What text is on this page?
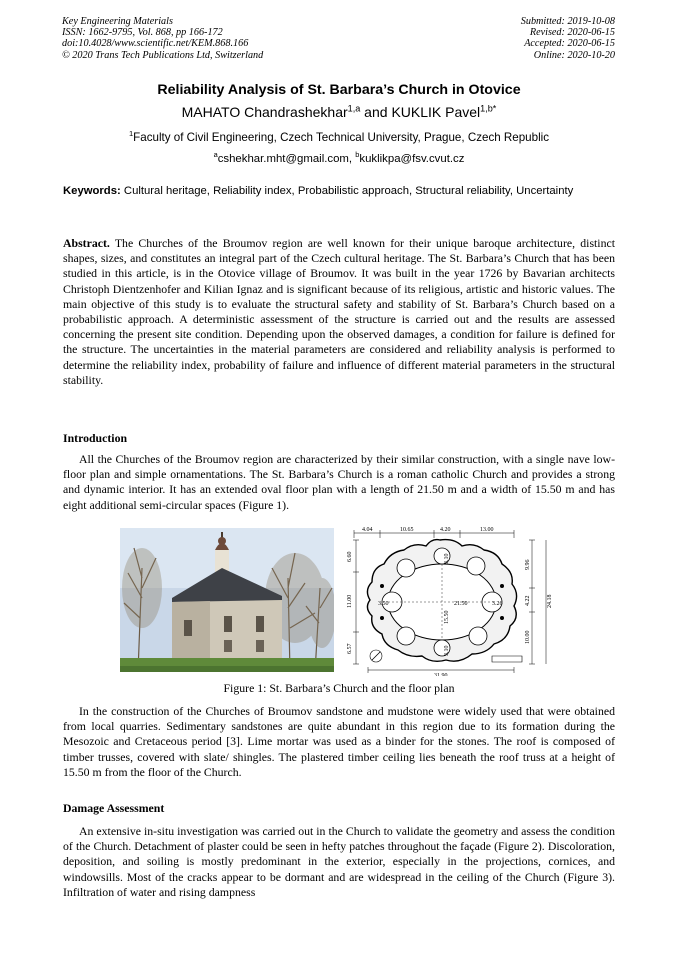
Key Engineering Materials
ISSN: 1662-9795, Vol. 868, pp 166-172
doi:10.4028/www.scientific.net/KEM.868.166
© 2020 Trans Tech Publications Ltd, Switzerland
Submitted: 2019-10-08
Revised: 2020-06-15
Accepted: 2020-06-15
Online: 2020-10-20
Reliability Analysis of St. Barbara’s Church in Otovice
MAHATO Chandrashekhar$^{1,a}$ and KUKLIK Pavel$^{1,b*}$
$^1$Faculty of Civil Engineering, Czech Technical University, Prague, Czech Republic
$^a$cshekhar.mht@gmail.com, $^b$kuklikpa@fsv.cvut.cz
Keywords: Cultural heritage, Reliability index, Probabilistic approach, Structural reliability, Uncertainty
Abstract. The Churches of the Broumov region are well known for their unique baroque architecture, distinct shapes, sizes, and constitutes an integral part of the Czech cultural heritage. The St. Barbara’s Church that has been studied in this article, is in the Otovice village of Broumov. It was built in the year 1726 by Bavarian architects Christoph Dientzenhofer and Kilian Ignaz and is significant because of its religious, artistic and historic values. The main objective of this study is to evaluate the structural safety and stability of St. Barbara’s Church based on a probabilistic approach. A deterministic assessment of the structure is carried out and the results are assessed concerning the present site condition. Depending upon the observed damages, a condition for failure is defined for the structure. The uncertainties in the material parameters are considered and reliability analysis is performed to determine the reliability index, probability of failure and influence of different material parameters in the structural stability.
Introduction
All the Churches of the Broumov region are characterized by their similar construction, with a single nave low-floor plan and simple ornamentations. The St. Barbara’s Church is a roman catholic Church and provides a strong and dynamic interior. It has an extended oval floor plan with a length of 21.50 m and a width of 15.50 m and has eight additional semi-circular spaces (Figure 1).
4.04	10.65	4.20	13.00
6.60
11.00
6.57
9.96
4.22
10.00
24.18
31.90
21.50
15.50
3.10
3.10
3.50	3.26
Figure 1: St. Barbara’s Church and the floor plan
In the construction of the Churches of Broumov sandstone and mudstone were widely used that were obtained from local quarries. Sedimentary sandstones are quite abundant in this region due to its formation during the Mesozoic and Cretaceous period [3]. Lime mortar was used as a binder for the stones. The roof is composed of timber trusses, covered with slate/ shingles. The plastered timber ceiling lies beneath the roof truss at a height of 15.50 m from the floor of the Church.
Damage Assessment
An extensive in-situ investigation was carried out in the Church to validate the geometry and assess the condition of the Church. Detachment of plaster could be seen in hefty patches throughout the façade (Figure 2). Discoloration, deposition, and soiling is mostly predominant in the exterior, especially in the projections, cornices, and windowsills. Most of the cracks appear to be dormant and are widespread in the ceiling of the Church (Figure 3). Infiltration of water and rising dampness
